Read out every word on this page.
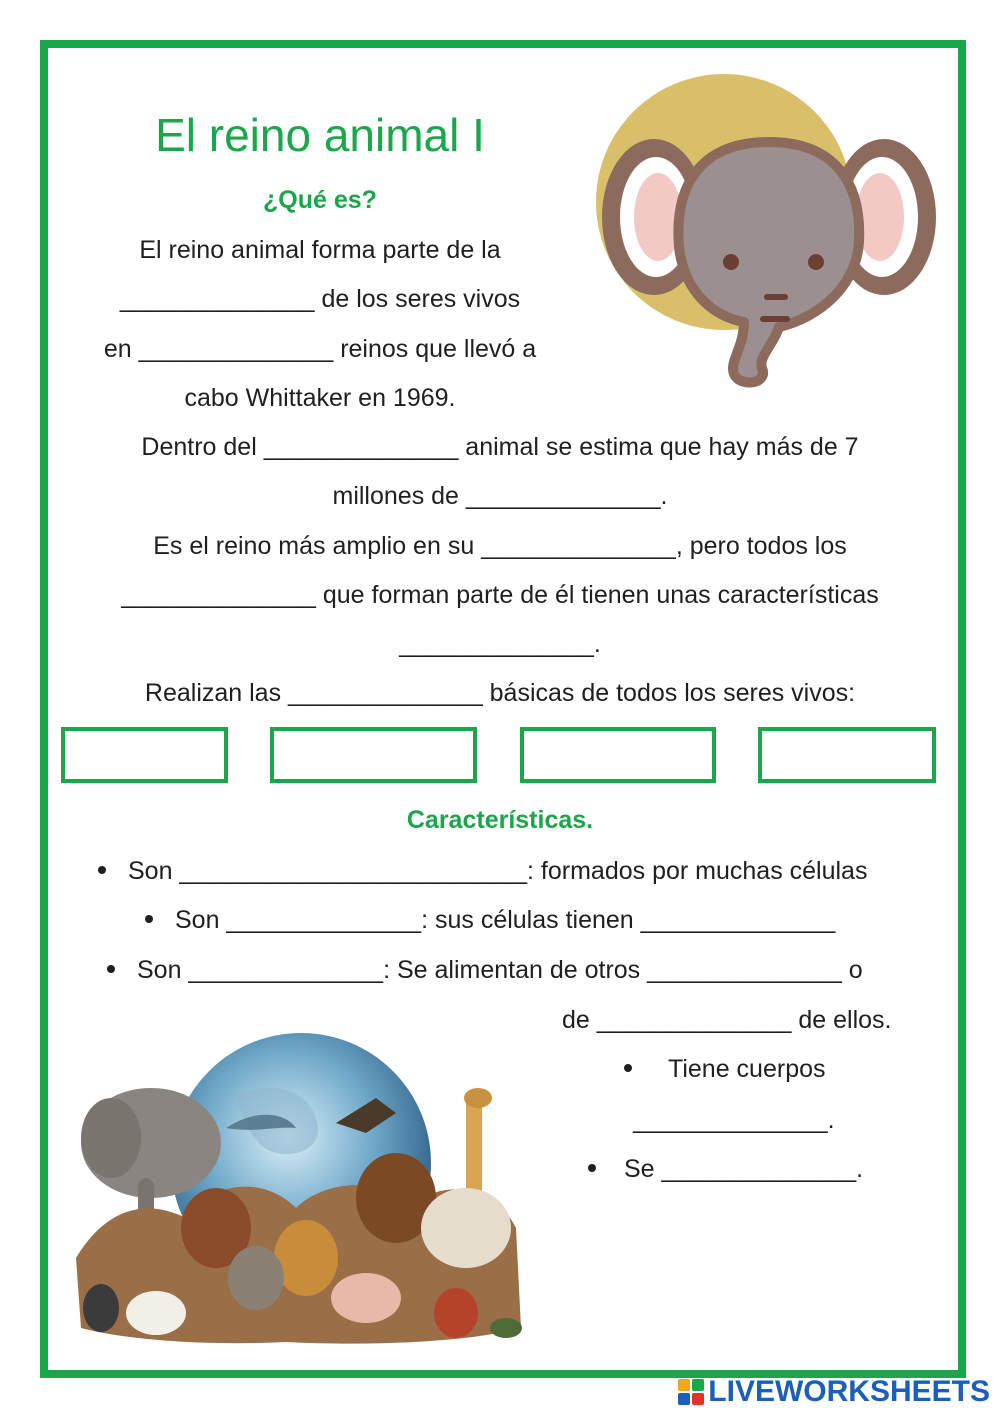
El reino animal I
¿Qué es?
El reino animal forma parte de la
______________ de los seres vivos
en ______________ reinos que llevó a
cabo Whittaker en 1969.
Dentro del ______________ animal se estima que hay más de 7
millones de ______________.
Es el reino más amplio en su ______________, pero todos los
______________ que forman parte de él tienen unas características
______________.
Realizan las ______________ básicas de todos los seres vivos:
Características.
Son _________________________: formados por muchas células
Son ______________: sus células tienen ______________
Son ______________: Se alimentan de otros ______________ o
de ______________ de ellos.
Tiene cuerpos
______________.
Se ______________.
LIVEWORKSHEETS
